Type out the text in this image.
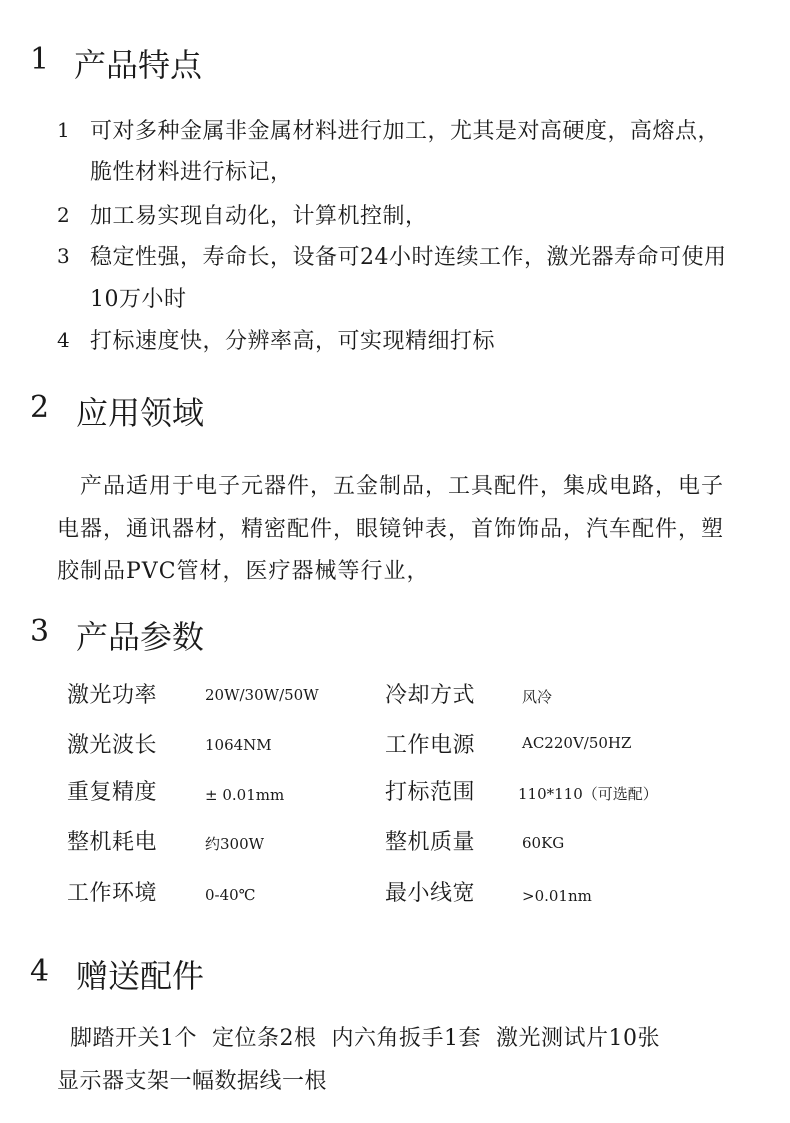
1 产品特点
1 可对多种金属非金属材料进行加工，尤其是对高硬度，高熔点，
脆性材料进行标记，
2 加工易实现自动化，计算机控制，
3 稳定性强，寿命长，设备可24小时连续工作，激光器寿命可使用
10万小时
4 打标速度快，分辨率高，可实现精细打标
2 应用领域
产品适用于电子元器件，五金制品，工具配件，集成电路，电子
电器，通讯器材，精密配件，眼镜钟表，首饰饰品，汽车配件，塑
胶制品PVC管材，医疗器械等行业，
3 产品参数
激光功率	20W/30W/50W	冷却方式	风冷
激光波长	1064NM	工作电源	AC220V/50HZ
重复精度	± 0.01mm	打标范围	110*110（可选配）
整机耗电	约300W	整机质量	60KG
工作环境	0-40℃	最小线宽	>0.01nm
4 赠送配件
脚踏开关1个  定位条2根  内六角扳手1套  激光测试片10张
显示器支架一幅数据线一根
